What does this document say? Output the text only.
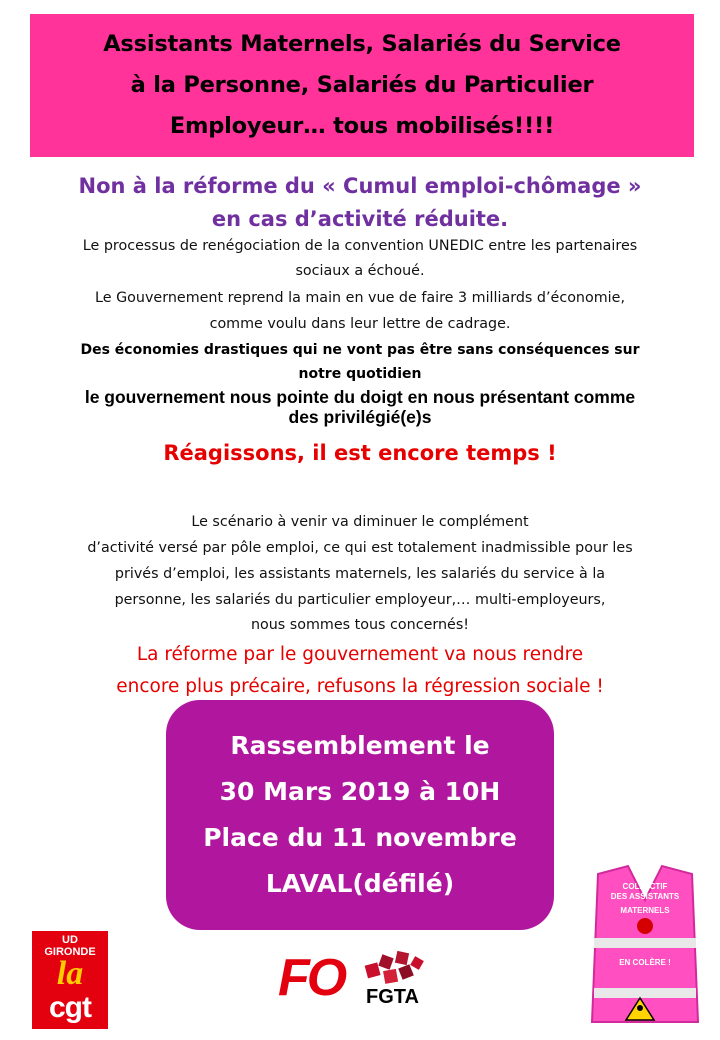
Assistants Maternels, Salariés du Service
à la Personne, Salariés du Particulier
Employeur… tous mobilisés!!!!
Non à la réforme du « Cumul emploi-chômage »
en cas d’activité réduite.
Le processus de renégociation de la convention UNEDIC entre les partenaires
sociaux a échoué.
Le Gouvernement reprend la main en vue de faire 3 milliards d’économie,
comme voulu dans leur lettre de cadrage.
Des économies drastiques qui ne vont pas être sans conséquences sur
notre quotidien
le gouvernement nous pointe du doigt en nous présentant comme
des privilégié(e)s
Réagissons, il est encore temps !
Le scénario à venir va diminuer le complément
d’activité versé par pôle emploi, ce qui est totalement inadmissible pour les
privés d’emploi, les assistants maternels, les salariés du service à la
personne, les salariés du particulier employeur,… multi-employeurs,
nous sommes tous concernés!
La réforme par le gouvernement va nous rendre
encore plus précaire, refusons la régression sociale !
Rassemblement le
30 Mars 2019 à 10H
Place du 11 novembre
LAVAL(défilé)
UD
GIRONDE
la
cgt
FO FGTA
COLLECTIF
DES ASSISTANTS
MATERNELS
EN COLÈRE !
